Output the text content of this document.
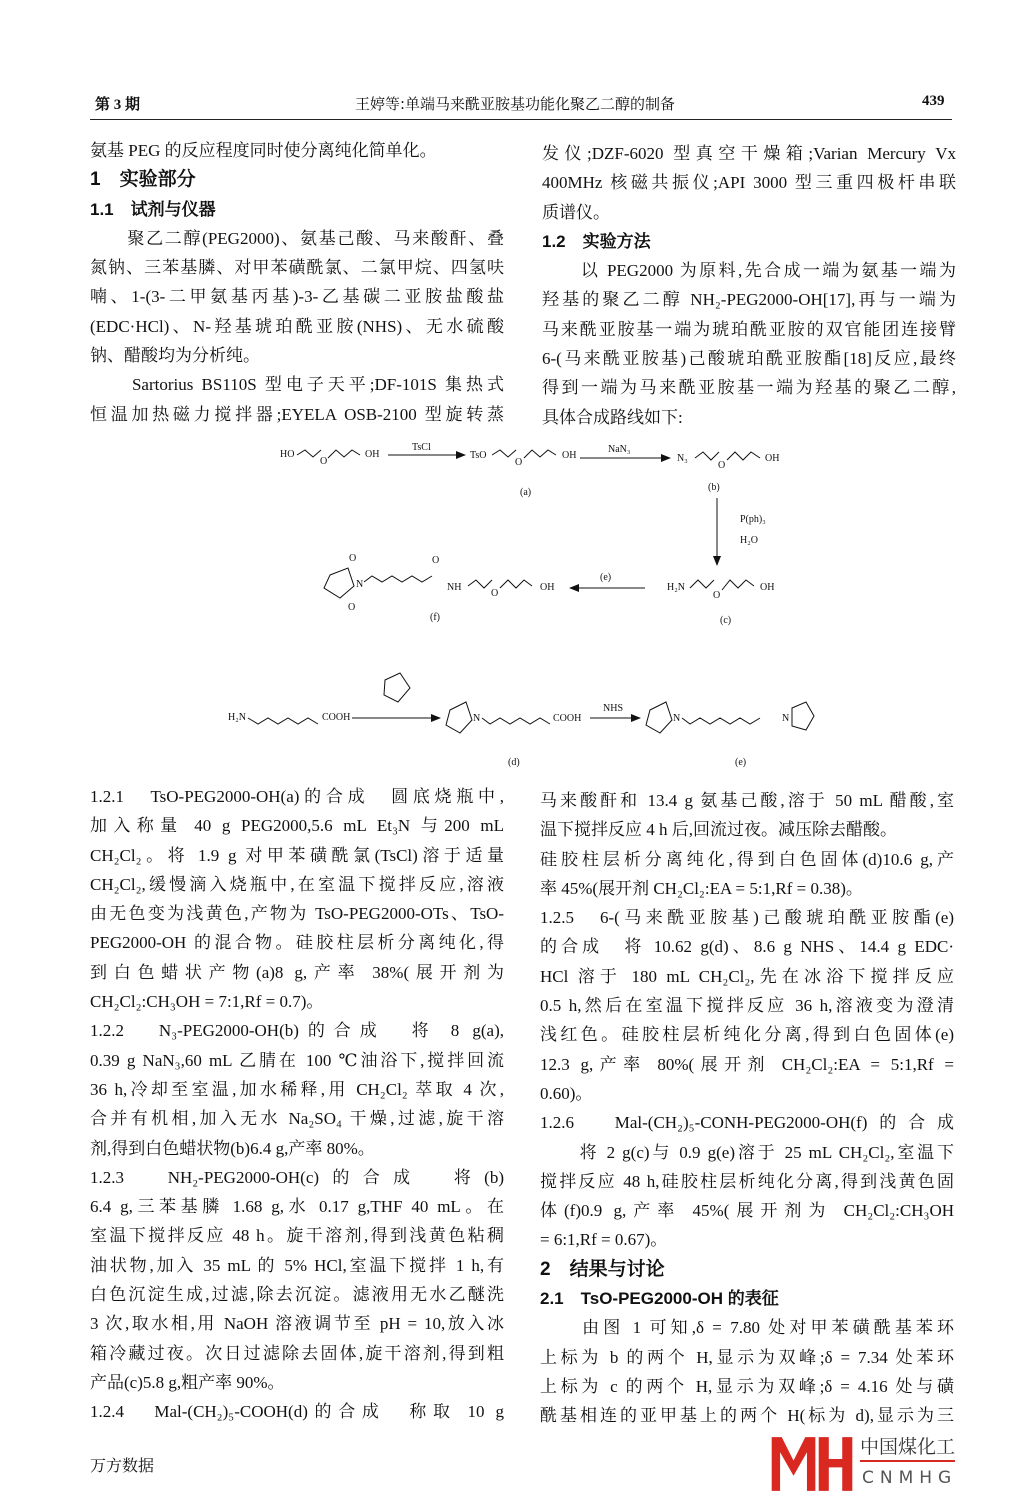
第 3 期	王婷等:单端马来酰亚胺基功能化聚乙二醇的制备	439
氨基 PEG 的反应程度同时使分离纯化简单化。
1　实验部分
1.1　试剂与仪器
　　聚乙二醇(PEG2000)、氨基己酸、马来酸酐、叠
氮钠、三苯基膦、对甲苯磺酰氯、二氯甲烷、四氢呋
喃、1-(3-二甲氨基丙基)-3-乙基碳二亚胺盐酸盐
(EDC·HCl)、N-羟基琥珀酰亚胺(NHS)、无水硫酸
钠、醋酸均为分析纯。
　　Sartorius BS110S 型电子天平;DF-101S 集热式
恒温加热磁力搅拌器;EYELA OSB-2100 型旋转蒸
发仪;DZF-6020 型真空干燥箱;Varian Mercury Vx
400MHz 核磁共振仪;API 3000 型三重四极杆串联
质谱仪。
1.2　实验方法
　　以 PEG2000 为原料,先合成一端为氨基一端为
羟基的聚乙二醇 NH₂-PEG2000-OH[17],再与一端为
马来酰亚胺基一端为琥珀酰亚胺的双官能团连接臂
6-(马来酰亚胺基)己酸琥珀酰亚胺酯[18]反应,最终
得到一端为马来酰亚胺基一端为羟基的聚乙二醇,
具体合成路线如下:
HO
O
OH
TsCl
TsO
O
OH
(a)
NaN₃
N₃
O
OH
(b)
P(ph)₃
H₂O
H₂N
O
OH
(c)
(e)
O
O
N
O
NH
O
OH
(f)
H₂N	COOH	N	COOH
(d)
NHS
N	N
(e)
1.2.1　TsO-PEG2000-OH(a)的合成　圆底烧瓶中,
加入称量 40 g PEG2000,5.6 mL Et₃N 与200 mL
CH₂Cl₂。将 1.9 g 对甲苯磺酰氯(TsCl)溶于适量
CH₂Cl₂,缓慢滴入烧瓶中,在室温下搅拌反应,溶液
由无色变为浅黄色,产物为 TsO-PEG2000-OTs、TsO-
PEG2000-OH 的混合物。硅胶柱层析分离纯化,得
到白色蜡状产物(a)8 g,产率 38%(展开剂为
CH₂Cl₂:CH₃OH = 7:1,Rf = 0.7)。
1.2.2　N₃-PEG2000-OH(b)的合成　将 8 g(a),
0.39 g NaN₃,60 mL 乙腈在 100 ℃油浴下,搅拌回流
36 h,冷却至室温,加水稀释,用 CH₂Cl₂ 萃取 4 次,
合并有机相,加入无水 Na₂SO₄ 干燥,过滤,旋干溶
剂,得到白色蜡状物(b)6.4 g,产率 80%。
1.2.3　NH₂-PEG2000-OH(c)的合成　将(b)
6.4 g,三苯基膦 1.68 g,水 0.17 g,THF 40 mL。在
室温下搅拌反应 48 h。旋干溶剂,得到浅黄色粘稠
油状物,加入 35 mL 的 5% HCl,室温下搅拌 1 h,有
白色沉淀生成,过滤,除去沉淀。滤液用无水乙醚洗
3 次,取水相,用 NaOH 溶液调节至 pH = 10,放入冰
箱冷藏过夜。次日过滤除去固体,旋干溶剂,得到粗
产品(c)5.8 g,粗产率 90%。
1.2.4　Mal-(CH₂)₅-COOH(d)的合成　称取 10 g
马来酸酐和 13.4 g 氨基己酸,溶于 50 mL 醋酸,室
温下搅拌反应 4 h 后,回流过夜。减压除去醋酸。
硅胶柱层析分离纯化,得到白色固体(d)10.6 g,产
率 45%(展开剂 CH₂Cl₂:EA = 5:1,Rf = 0.38)。
1.2.5　6-(马来酰亚胺基)己酸琥珀酰亚胺酯(e)
的合成　将 10.62 g(d)、8.6 g NHS、14.4 g EDC·
HCl 溶于 180 mL CH₂Cl₂,先在冰浴下搅拌反应
0.5 h,然后在室温下搅拌反应 36 h,溶液变为澄清
浅红色。硅胶柱层析纯化分离,得到白色固体(e)
12.3 g,产率 80%(展开剂 CH₂Cl₂:EA = 5:1,Rf =
0.60)。
1.2.6　Mal-(CH₂)₅-CONH-PEG2000-OH(f)的合成
　　将 2 g(c)与 0.9 g(e)溶于 25 mL CH₂Cl₂,室温下
搅拌反应 48 h,硅胶柱层析纯化分离,得到浅黄色固
体(f)0.9 g,产率 45%(展开剂为 CH₂Cl₂:CH₃OH
= 6:1,Rf = 0.67)。
2　结果与讨论
2.1　TsO-PEG2000-OH 的表征
　　由图 1 可知,δ = 7.80 处对甲苯磺酰基苯环
上标为 b 的两个 H,显示为双峰;δ = 7.34 处苯环
上标为 c 的两个 H,显示为双峰;δ = 4.16 处与磺
酰基相连的亚甲基上的两个 H(标为 d),显示为三
中国煤化工
CNMHG
万方数据
